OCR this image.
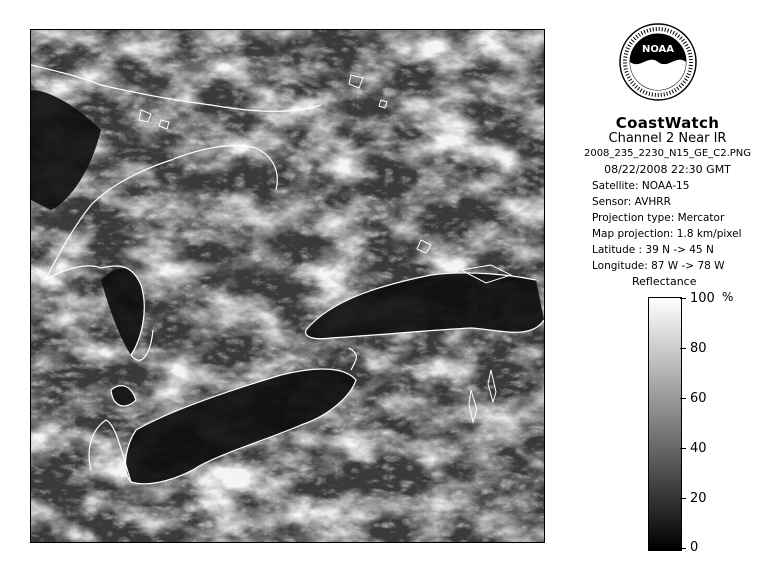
NOAA
CoastWatch
Channel 2 Near IR
2008_235_2230_N15_GE_C2.PNG
08/22/2008 22:30 GMT
Satellite: NOAA-15
Sensor: AVHRR
Projection type: Mercator
Map projection: 1.8 km/pixel
Latitude : 39 N -> 45 N
Longitude: 87 W -> 78 W
Reflectance
%
100
80
60
40
20
0
